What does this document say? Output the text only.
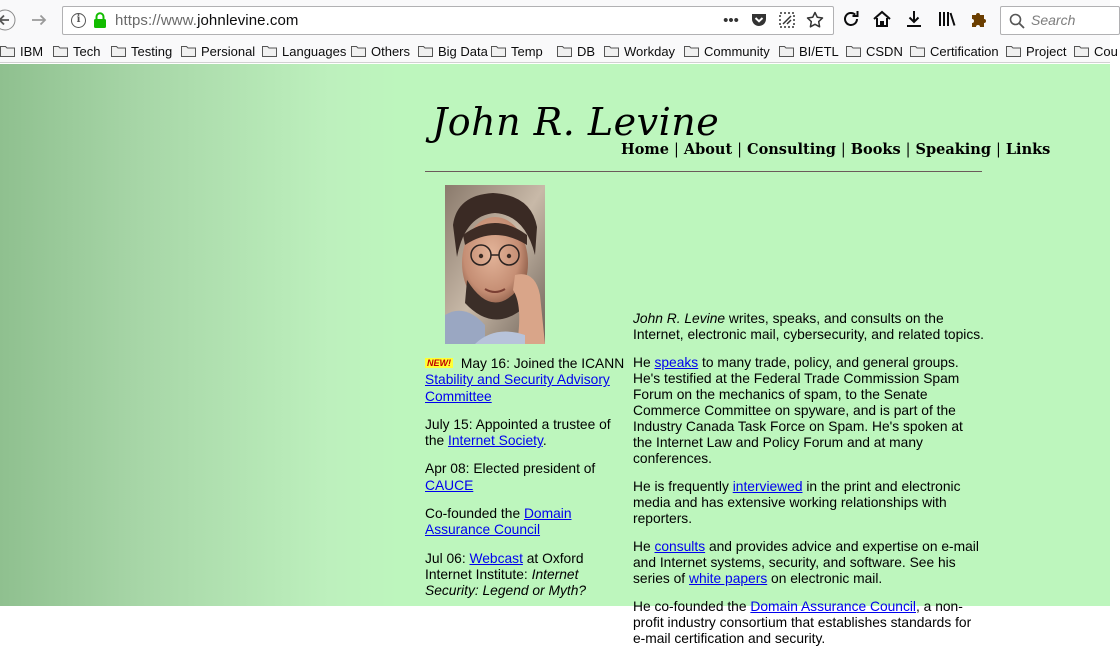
i	https://www.johnlevine.com	•••
Search
IBM Tech Testing Persional Languages Others Big Data Temp	DB Workday Community BI/ETL CSDN Certification Project Cou
John R. Levine
Home | About | Consulting | Books | Speaking | Links

NEW! May 16: Joined the ICANN Stability and Security Advisory Committee

July 15: Appointed a trustee of the Internet Society.

Apr 08: Elected president of CAUCE

Co-founded the Domain Assurance Council

Jul 06: Webcast at Oxford Internet Institute: Internet Security: Legend or Myth?

John R. Levine writes, speaks, and consults on the Internet, electronic mail, cybersecurity, and related topics.

He speaks to many trade, policy, and general groups. He's testified at the Federal Trade Commission Spam Forum on the mechanics of spam, to the Senate Commerce Committee on spyware, and is part of the Industry Canada Task Force on Spam. He's spoken at the Internet Law and Policy Forum and at many conferences.

He is frequently interviewed in the print and electronic media and has extensive working relationships with reporters.

He consults and provides advice and expertise on e-mail and Internet systems, security, and software. See his series of white papers on electronic mail.

He co-founded the Domain Assurance Council, a non-profit industry consortium that establishes standards for e-mail certification and security.
